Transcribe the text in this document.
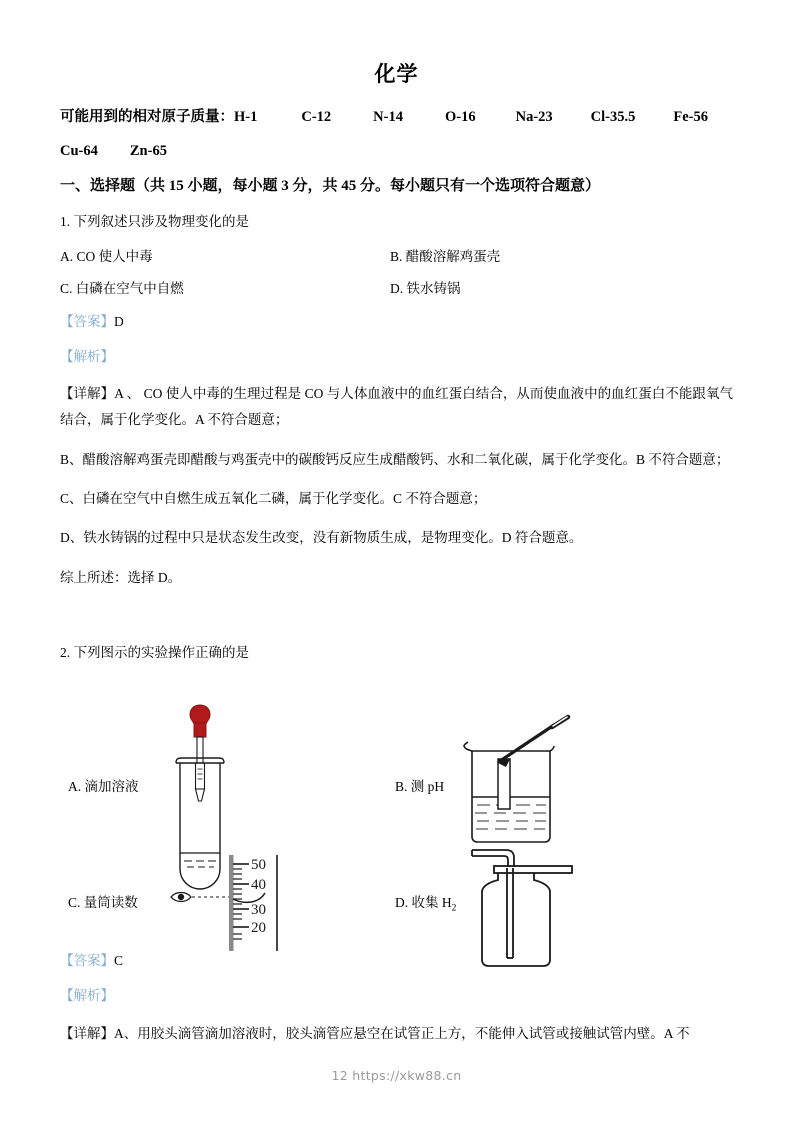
化学
可能用到的相对原子质量：H-1	C-12	N-14	O-16	Na-23	Cl-35.5	Fe-56
Cu-64 Zn-65
一、选择题（共 15 小题，每小题 3 分，共 45 分。每小题只有一个选项符合题意）
1. 下列叙述只涉及物理变化的是
A. CO 使人中毒	B. 醋酸溶解鸡蛋壳
C. 白磷在空气中自燃	D. 铁水铸锅
【答案】D
【解析】
【详解】A 、 CO 使人中毒的生理过程是 CO 与人体血液中的血红蛋白结合，从而使血液中的血红蛋白不能跟氧气结合，属于化学变化。A 不符合题意；
B、醋酸溶解鸡蛋壳即醋酸与鸡蛋壳中的碳酸钙反应生成醋酸钙、水和二氧化碳，属于化学变化。B 不符合题意；
C、白磷在空气中自燃生成五氧化二磷，属于化学变化。C 不符合题意；
D、铁水铸锅的过程中只是状态发生改变，没有新物质生成，是物理变化。D 符合题意。
综上所述：选择 D。
2. 下列图示的实验操作正确的是
A. 滴加溶液	B. 测 pH
C. 量筒读数
50
40
30
20
D. 收集 $H_2$
【答案】C
【解析】
【详解】A、用胶头滴管滴加溶液时，胶头滴管应悬空在试管正上方，不能伸入试管或接触试管内壁。A 不
12 https://xkw88.cn
